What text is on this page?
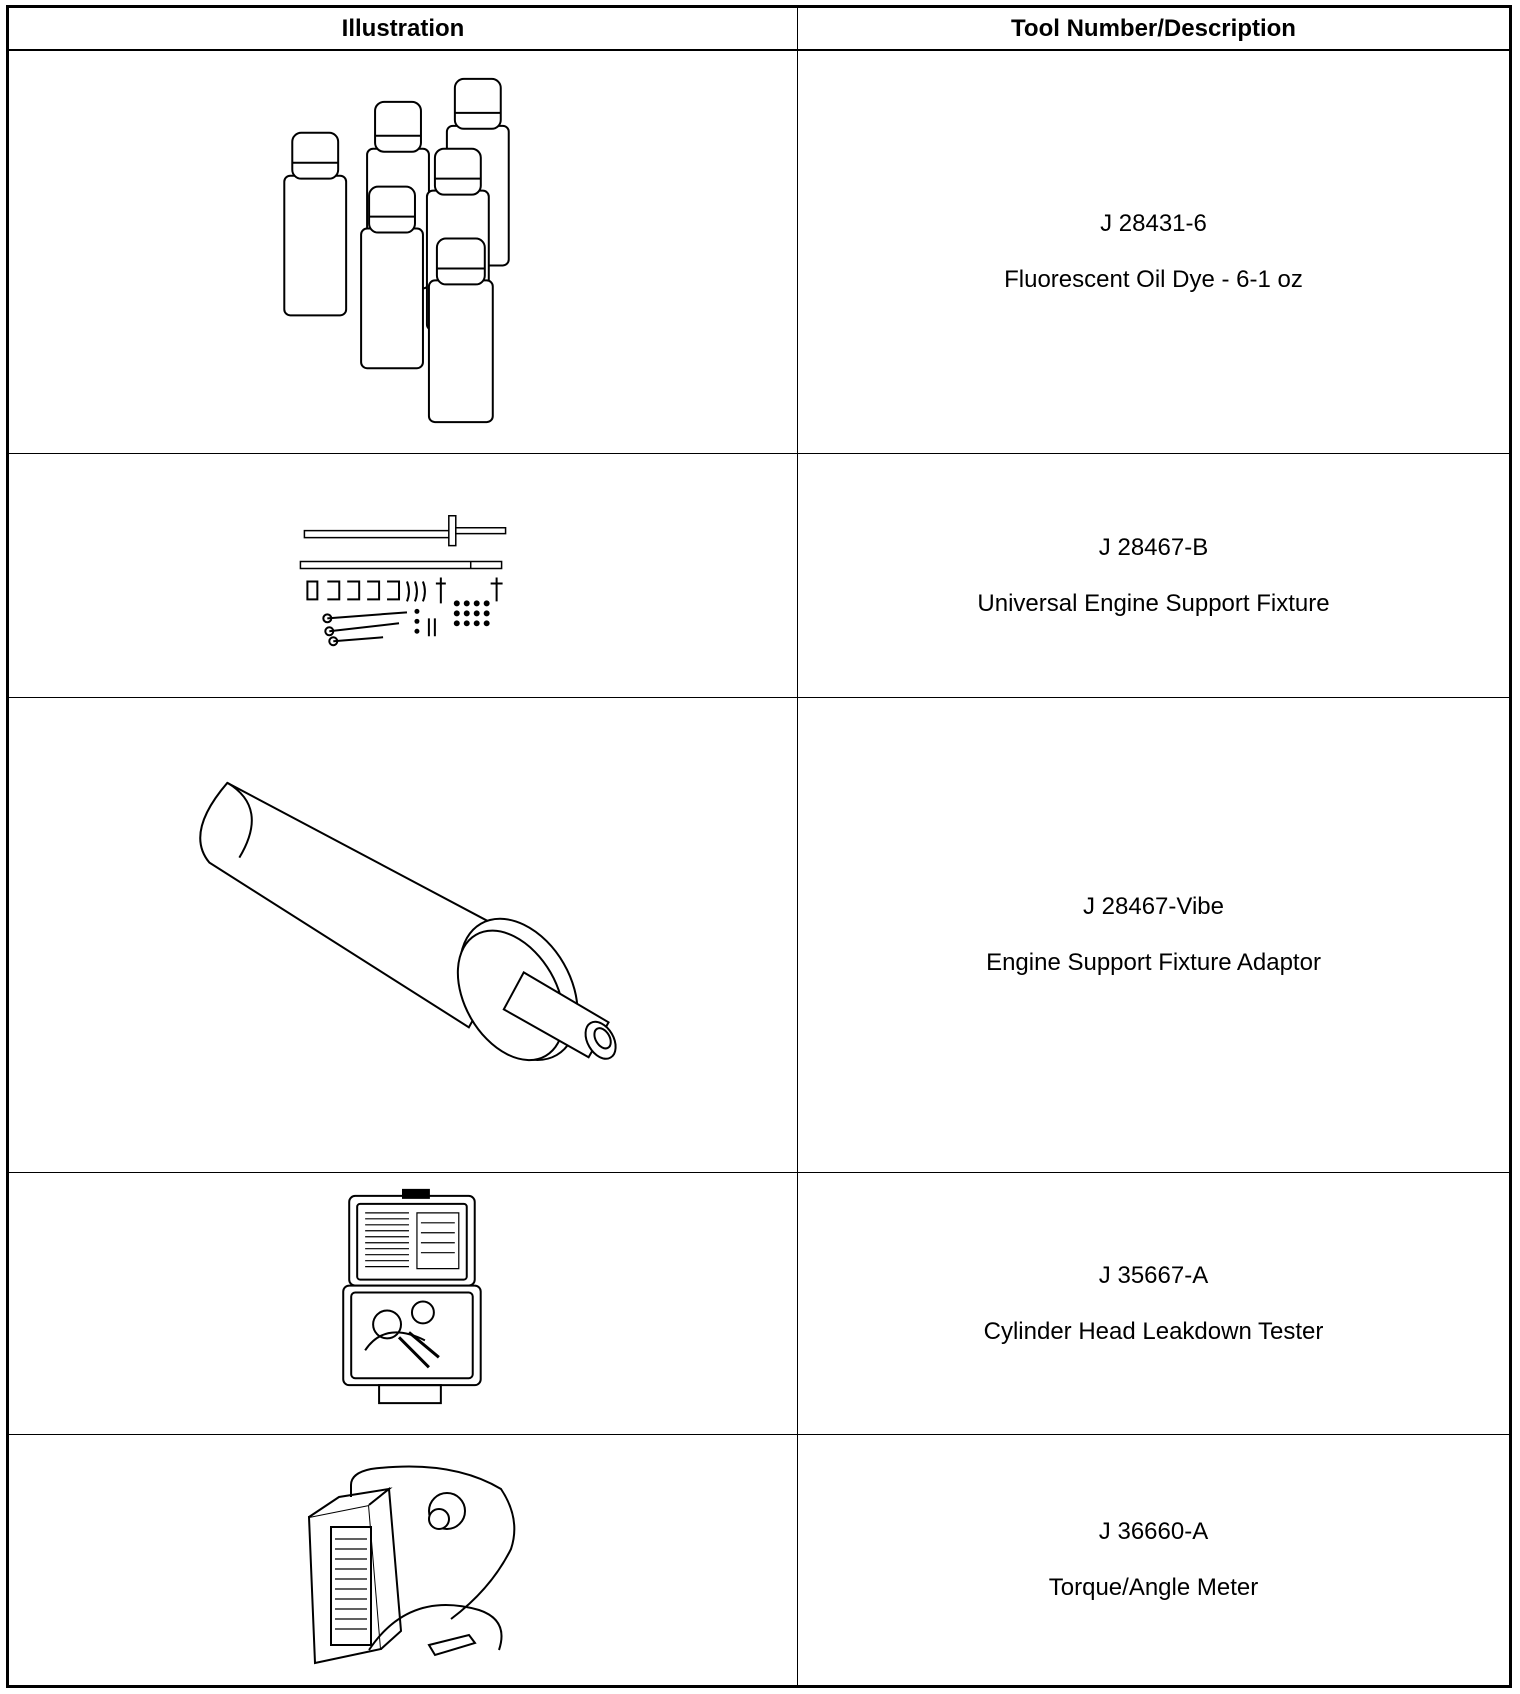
Illustration	Tool Number/Description
J 28431-6
Fluorescent Oil Dye - 6-1 oz
J 28467-B
Universal Engine Support Fixture
J 28467-Vibe
Engine Support Fixture Adaptor
J 35667-A
Cylinder Head Leakdown Tester
J 36660-A
Torque/Angle Meter
